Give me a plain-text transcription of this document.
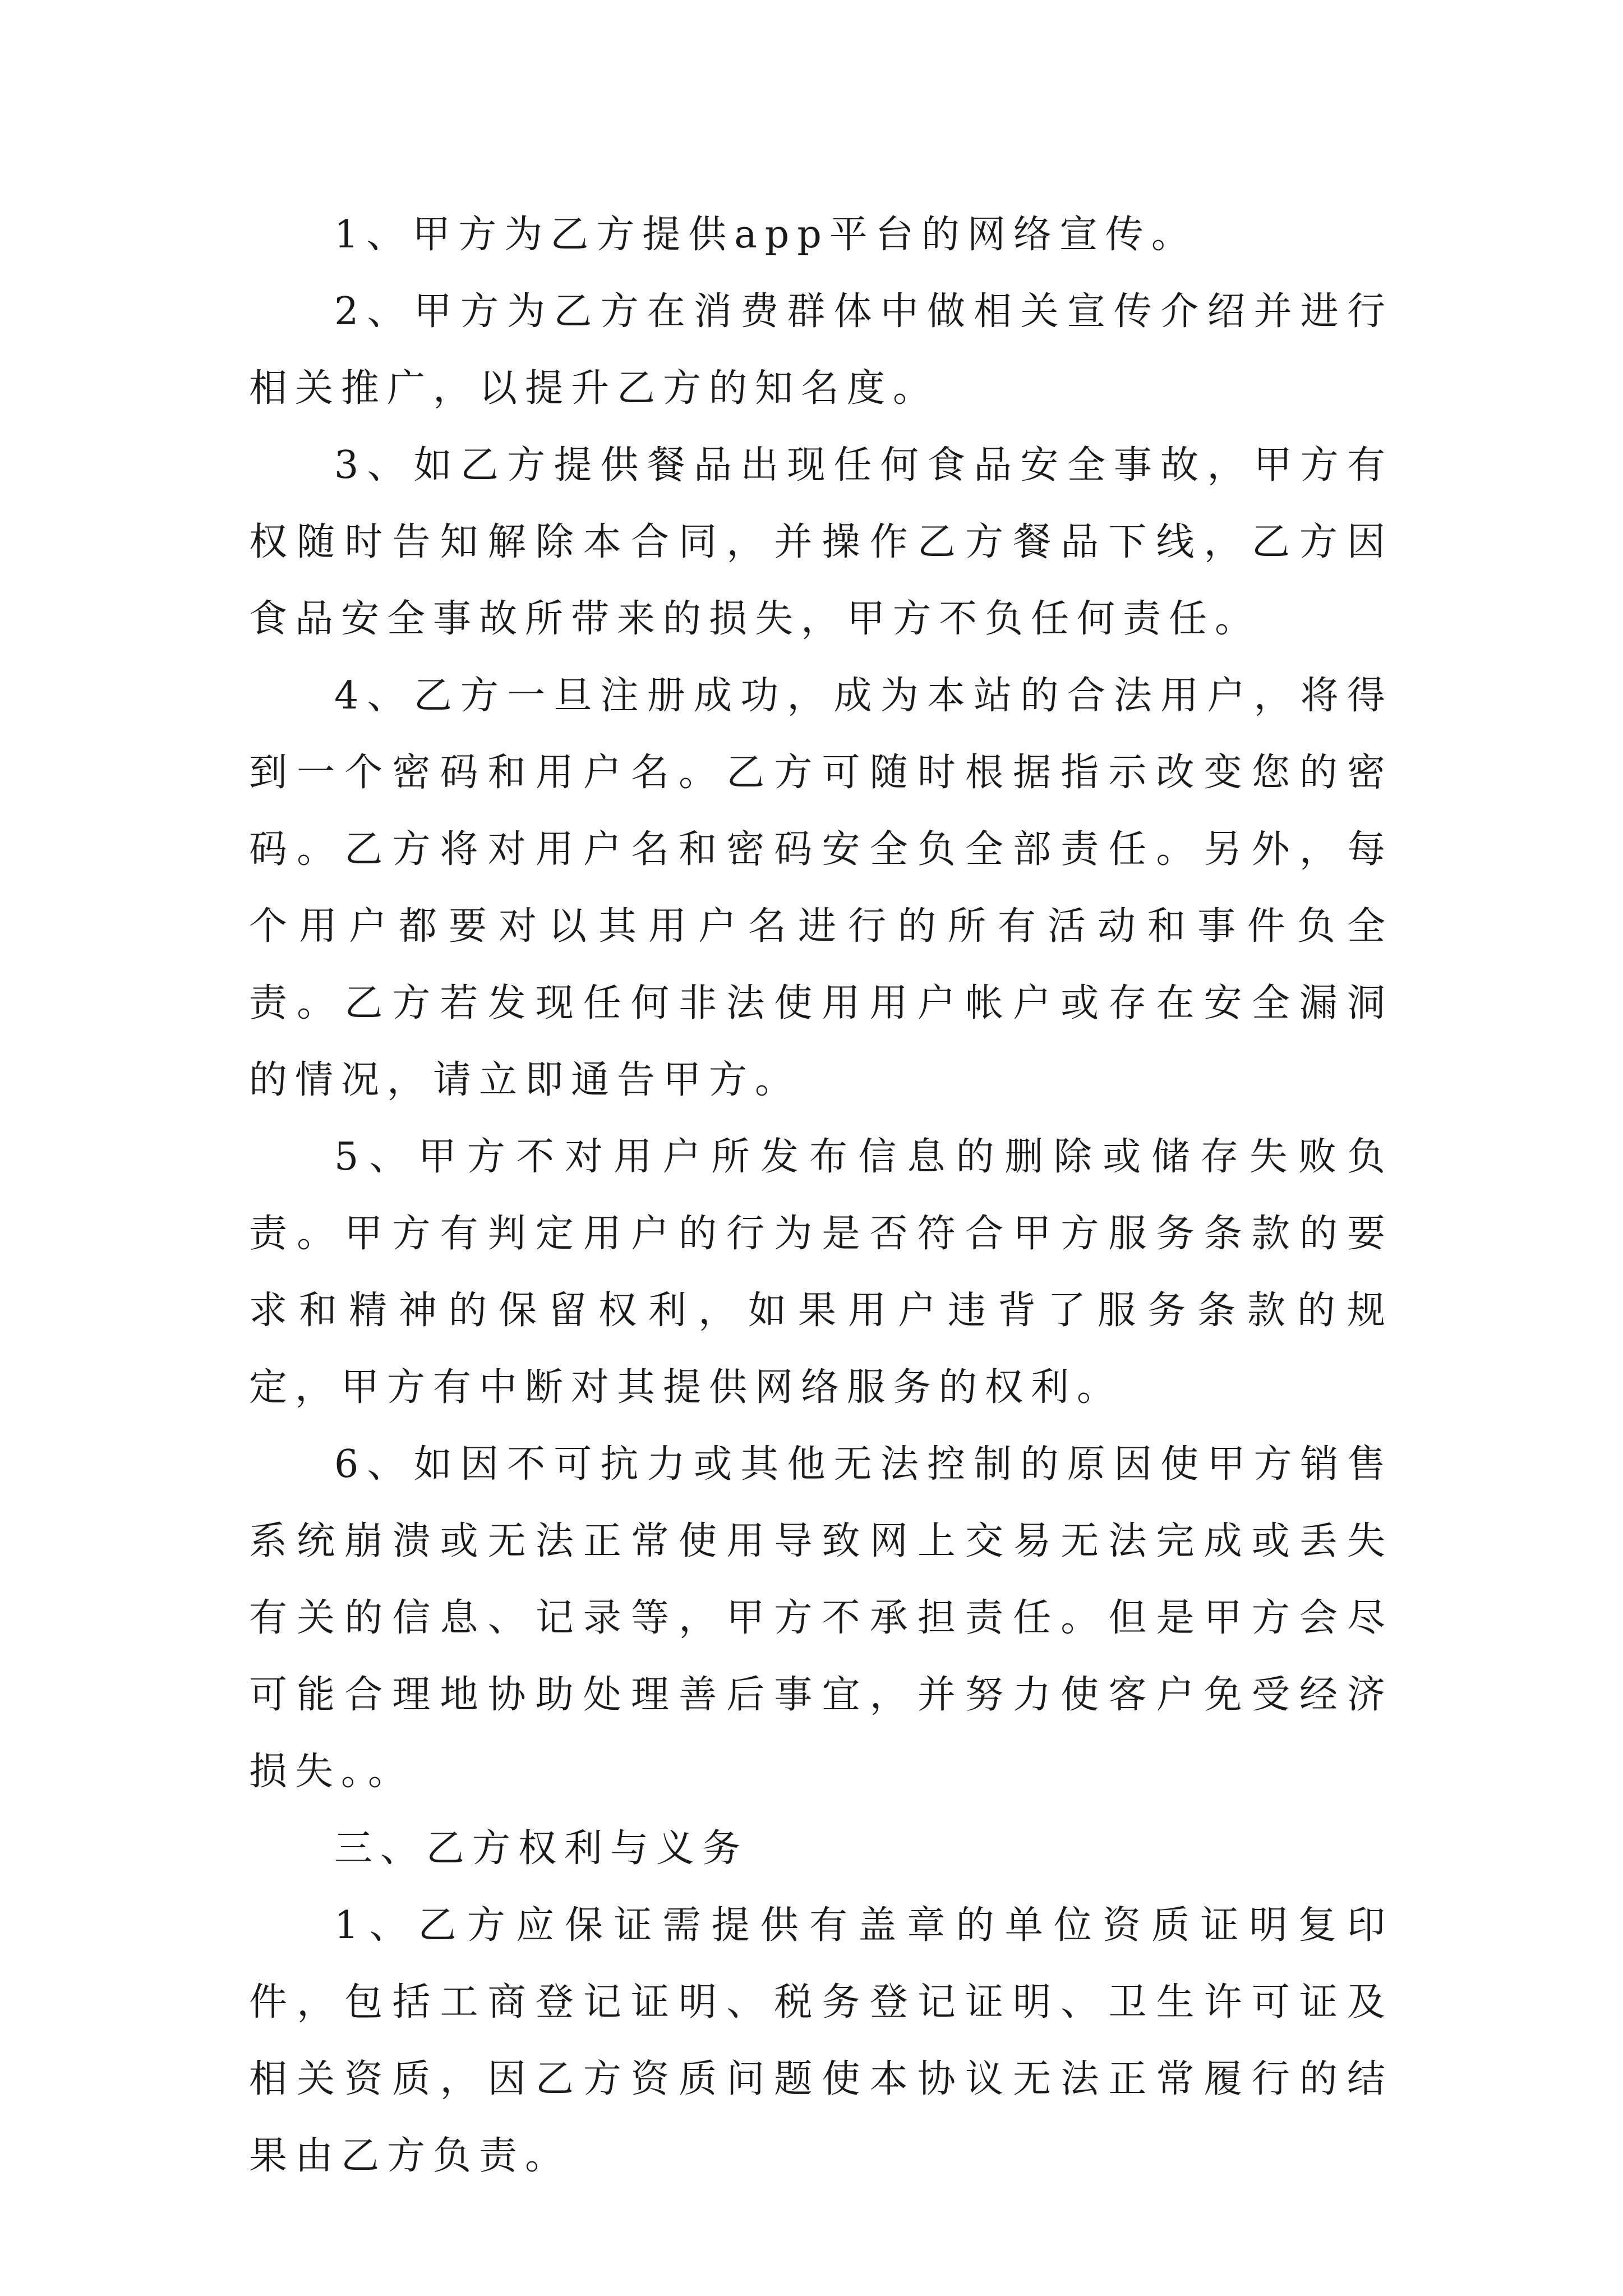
1、甲方为乙方提供app平台的网络宣传。

2、甲方为乙方在消费群体中做相关宣传介绍并进行相关推广，以提升乙方的知名度。

3、如乙方提供餐品出现任何食品安全事故，甲方有权随时告知解除本合同，并操作乙方餐品下线，乙方因食品安全事故所带来的损失，甲方不负任何责任。

4、乙方一旦注册成功，成为本站的合法用户，将得到一个密码和用户名。乙方可随时根据指示改变您的密码。乙方将对用户名和密码安全负全部责任。另外，每个用户都要对以其用户名进行的所有活动和事件负全责。乙方若发现任何非法使用用户帐户或存在安全漏洞的情况，请立即通告甲方。

5、甲方不对用户所发布信息的删除或储存失败负责。甲方有判定用户的行为是否符合甲方服务条款的要求和精神的保留权利，如果用户违背了服务条款的规定，甲方有中断对其提供网络服务的权利。

6、如因不可抗力或其他无法控制的原因使甲方销售系统崩溃或无法正常使用导致网上交易无法完成或丢失有关的信息、记录等，甲方不承担责任。但是甲方会尽可能合理地协助处理善后事宜，并努力使客户免受经济损失。。

三、乙方权利与义务

1、乙方应保证需提供有盖章的单位资质证明复印件，包括工商登记证明、税务登记证明、卫生许可证及相关资质，因乙方资质问题使本协议无法正常履行的结果由乙方负责。
